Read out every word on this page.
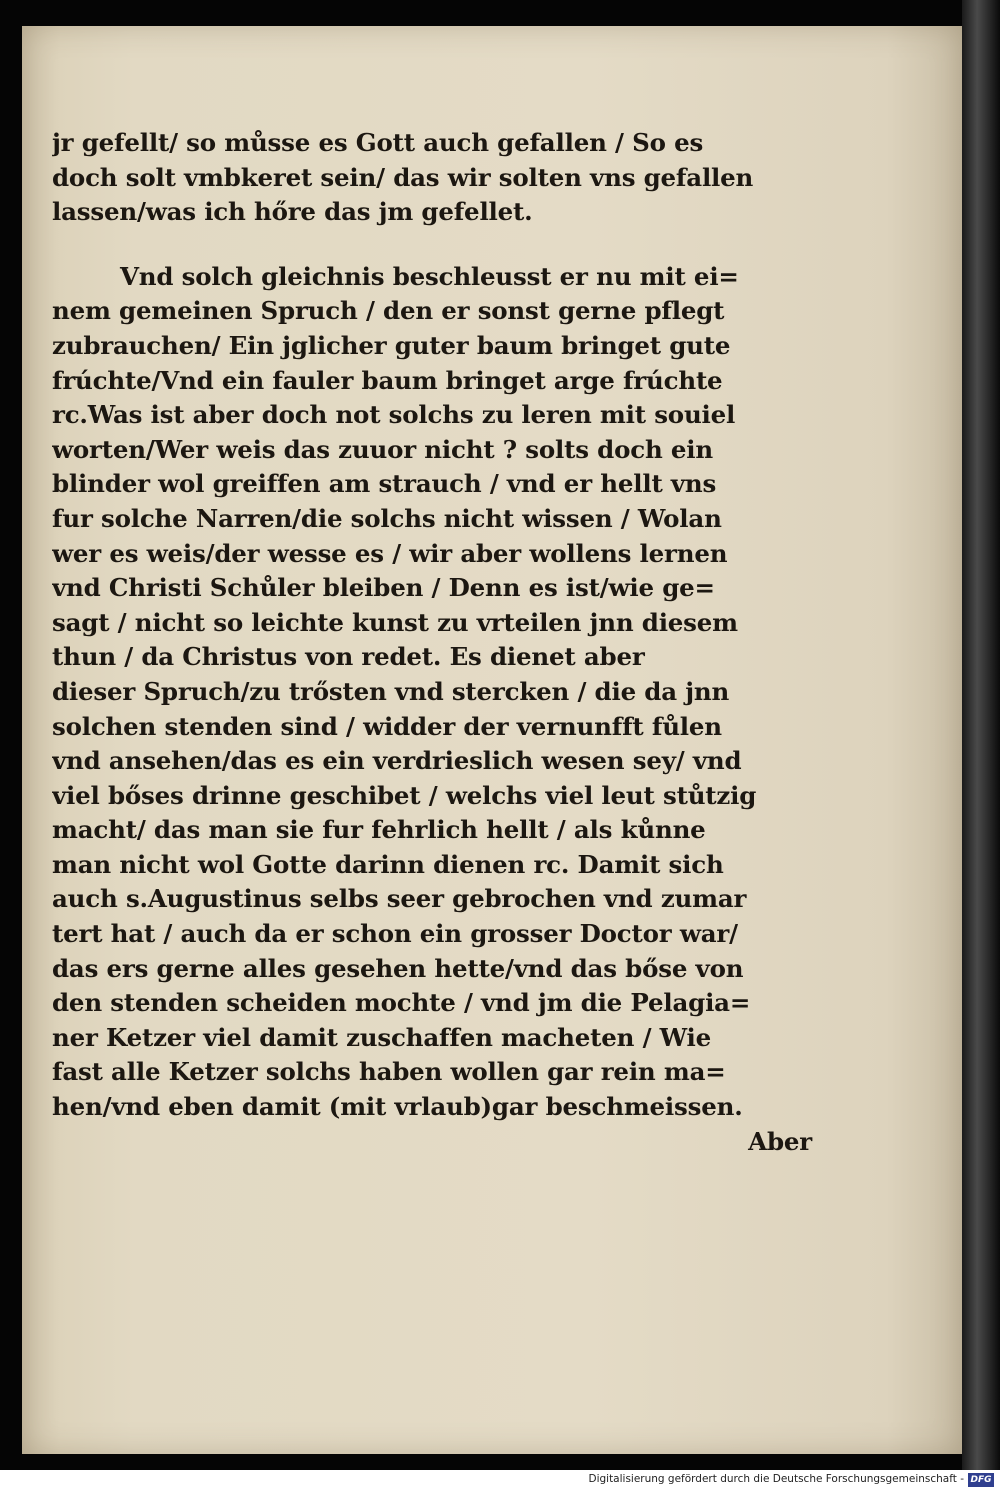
jr gefellt/ so můsse es Gott auch gefallen / So es
doch solt vmbkeret sein/ das wir solten vns gefallen
lassen/was ich hőre das jm gefellet.

Vnd solch gleichnis beschleusst er nu mit ei=
nem gemeinen Spruch / den er sonst gerne pflegt
zubrauchen/ Ein jglicher guter baum bringet gute
frúchte/Vnd ein fauler baum bringet arge frúchte
rc.Was ist aber doch not solchs zu leren mit souiel
worten/Wer weis das zuuor nicht ? solts doch ein
blinder wol greiffen am strauch / vnd er hellt vns
fur solche Narren/die solchs nicht wissen / Wolan
wer es weis/der wesse es / wir aber wollens lernen
vnd Christi Schůler bleiben / Denn es ist/wie ge=
sagt / nicht so leichte kunst zu vrteilen jnn diesem
thun / da Christus von redet. Es dienet aber
dieser Spruch/zu trősten vnd stercken / die da jnn
solchen stenden sind / widder der vernunfft fůlen
vnd ansehen/das es ein verdrieslich wesen sey/ vnd
viel bőses drinne geschibet / welchs viel leut stůtzig
macht/ das man sie fur fehrlich hellt / als kůnne
man nicht wol Gotte darinn dienen rc. Damit sich
auch s.Augustinus selbs seer gebrochen vnd zumar
tert hat / auch da er schon ein grosser Doctor war/
das ers gerne alles gesehen hette/vnd das bőse von
den stenden scheiden mochte / vnd jm die Pelagia=
ner Ketzer viel damit zuschaffen macheten / Wie
fast alle Ketzer solchs haben wollen gar rein ma=
hen/vnd eben damit (mit vrlaub)gar beschmeissen.
Aber

Digitalisierung gefördert durch die Deutsche Forschungsgemeinschaft - DFG
